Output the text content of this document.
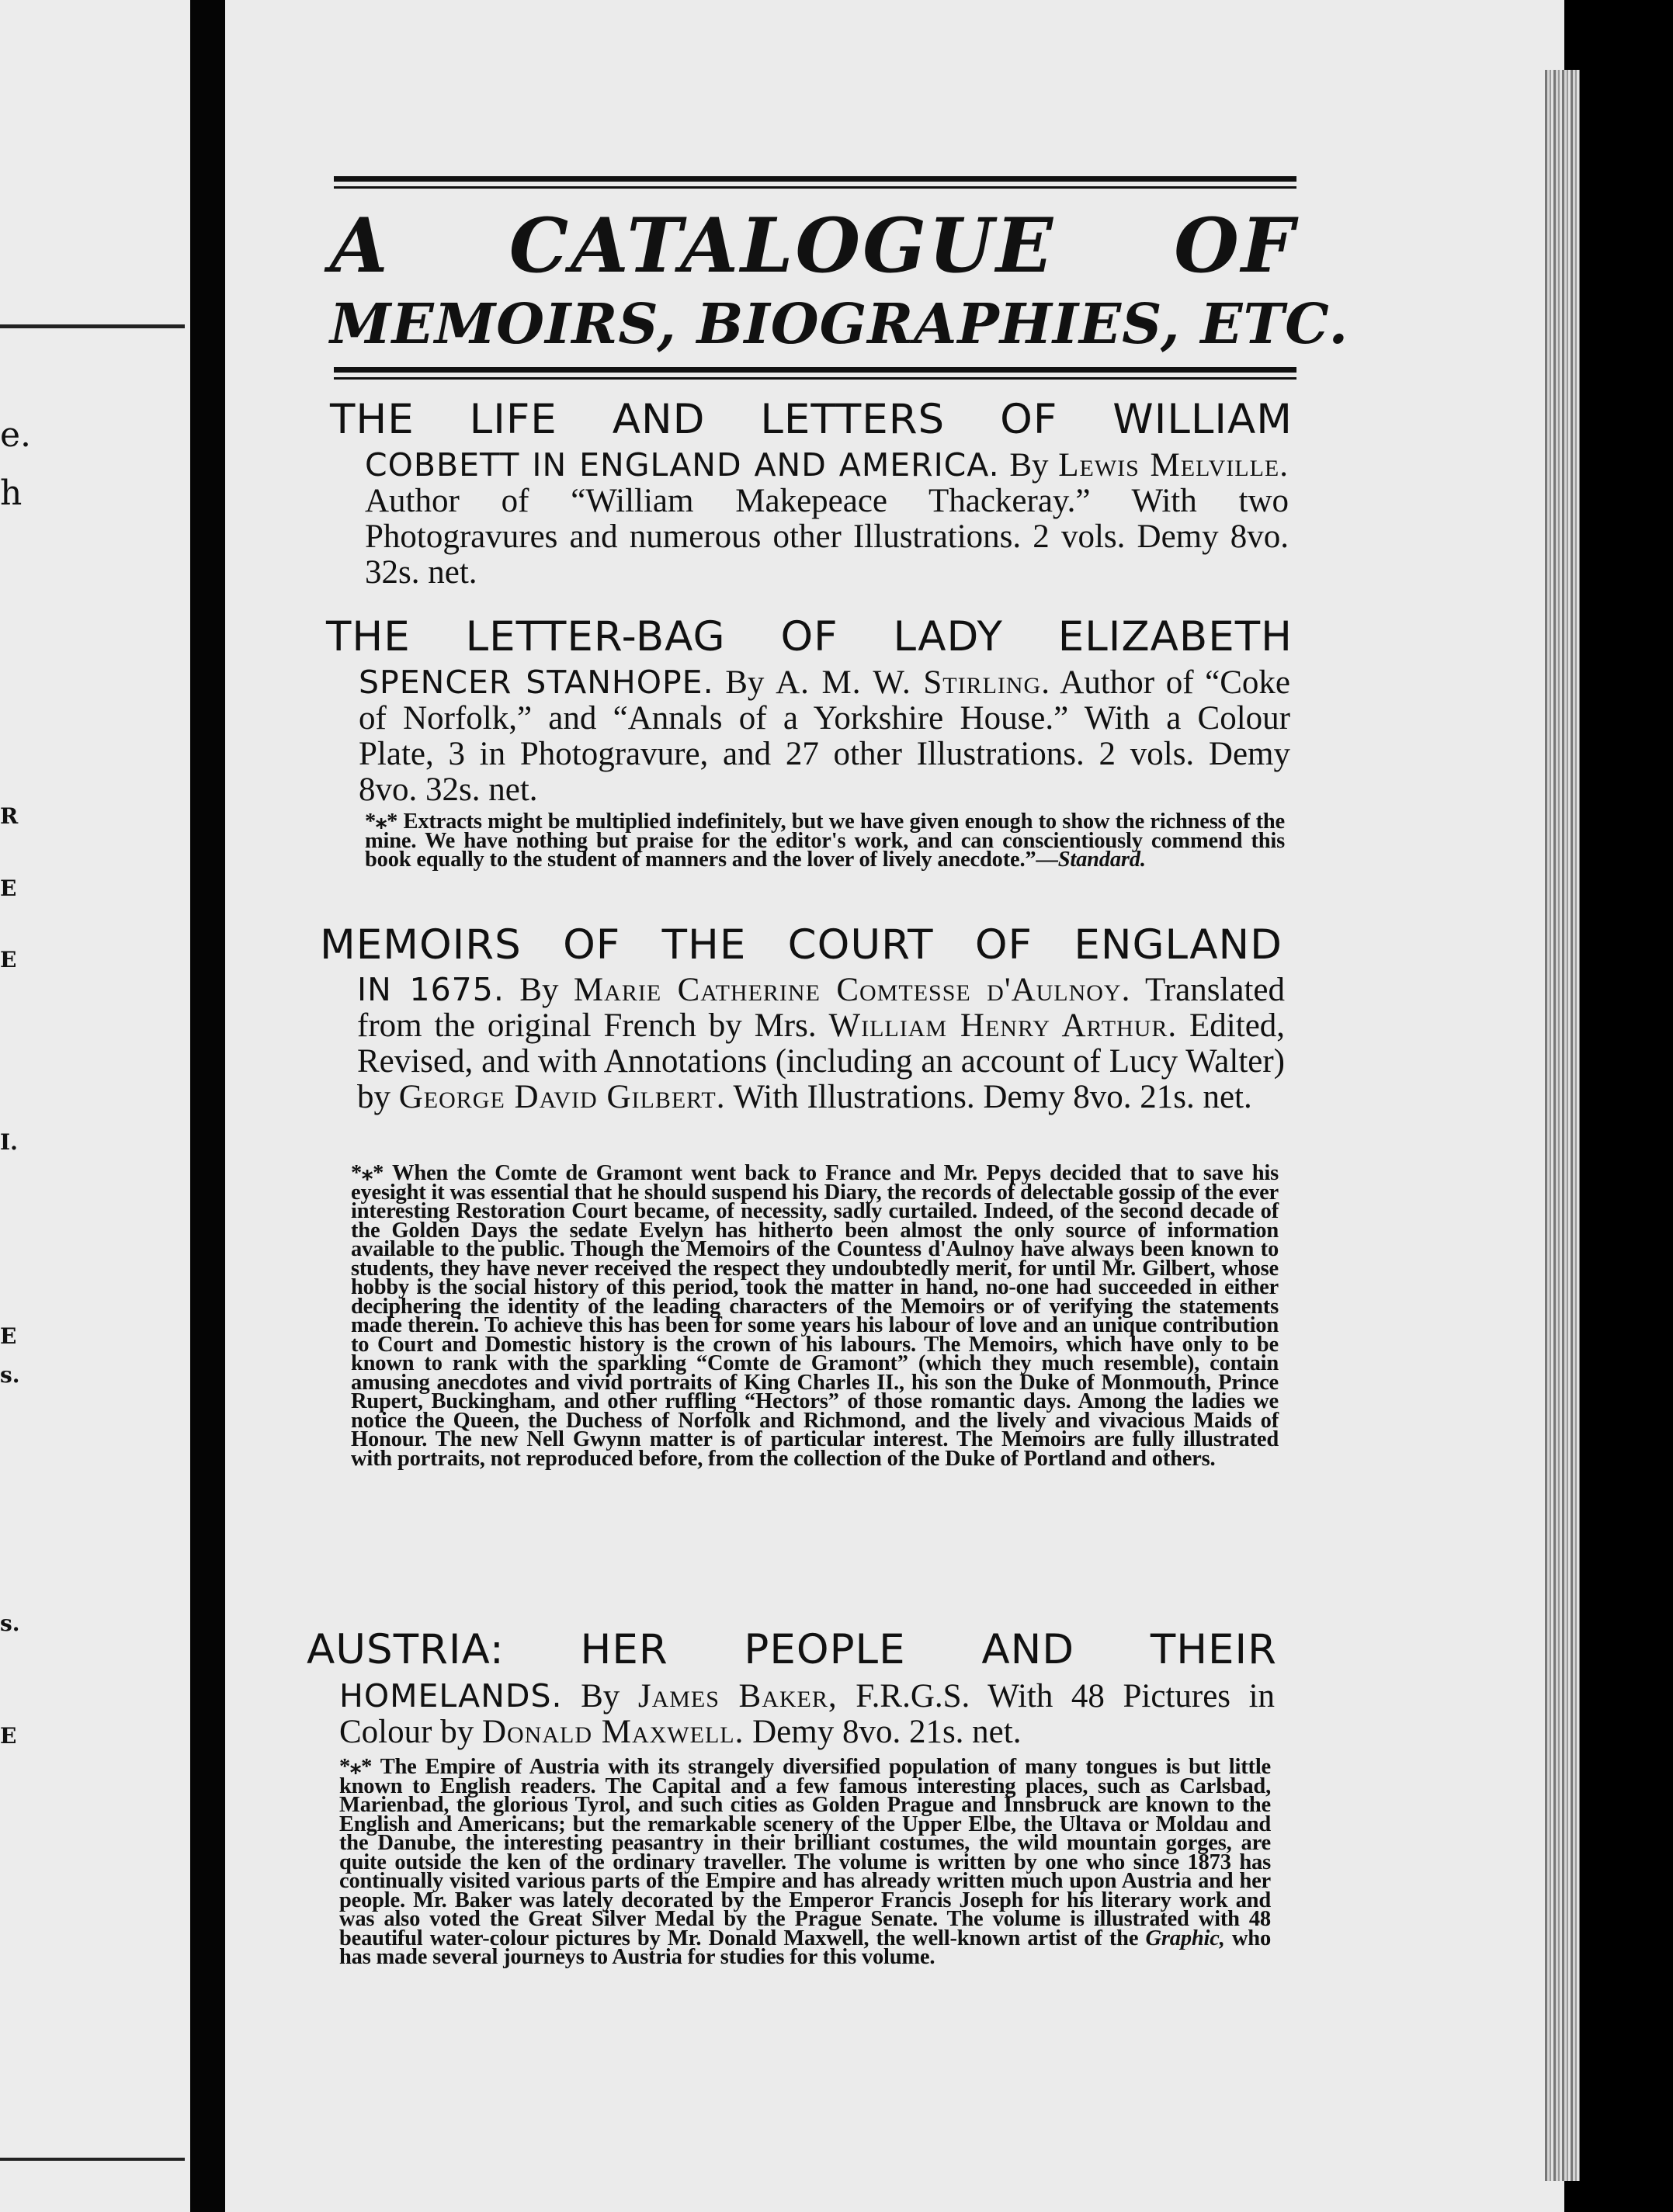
e.
h
R
E
E
I.
E
s.
s.
E
A CATALOGUE OF
MEMOIRS, BIOGRAPHIES, ETC.
THE LIFE AND LETTERS OF WILLIAM
COBBETT IN ENGLAND AND AMERICA. By Lewis Melville. Author of “William Makepeace Thackeray.” With two Photogravures and numerous other Illustrations. 2 vols. Demy 8vo. 32s. net.
THE LETTER-BAG OF LADY ELIZABETH
SPENCER STANHOPE. By A. M. W. Stirling. Author of “Coke of Norfolk,” and “Annals of a Yorkshire House.” With a Colour Plate, 3 in Photogravure, and 27 other Illustrations. 2 vols. Demy 8vo. 32s. net.
*⁎* Extracts might be multiplied indefinitely, but we have given enough to show the richness of the mine. We have nothing but praise for the editor's work, and can conscientiously commend this book equally to the student of manners and the lover of lively anecdote.”—Standard.
MEMOIRS OF THE COURT OF ENGLAND
IN 1675. By Marie Catherine Comtesse d'Aulnoy. Translated from the original French by Mrs. William Henry Arthur. Edited, Revised, and with Annotations (including an account of Lucy Walter) by George David Gilbert. With Illustrations. Demy 8vo. 21s. net.
*⁎* When the Comte de Gramont went back to France and Mr. Pepys decided that to save his eyesight it was essential that he should suspend his Diary, the records of delectable gossip of the ever interesting Restoration Court became, of necessity, sadly curtailed. Indeed, of the second decade of the Golden Days the sedate Evelyn has hitherto been almost the only source of information available to the public. Though the Memoirs of the Countess d'Aulnoy have always been known to students, they have never received the respect they undoubtedly merit, for until Mr. Gilbert, whose hobby is the social history of this period, took the matter in hand, no-one had succeeded in either deciphering the identity of the leading characters of the Memoirs or of verifying the statements made therein. To achieve this has been for some years his labour of love and an unique contribution to Court and Domestic history is the crown of his labours. The Memoirs, which have only to be known to rank with the sparkling “Comte de Gramont” (which they much resemble), contain amusing anecdotes and vivid portraits of King Charles II., his son the Duke of Monmouth, Prince Rupert, Buckingham, and other ruffling “Hectors” of those romantic days. Among the ladies we notice the Queen, the Duchess of Norfolk and Richmond, and the lively and vivacious Maids of Honour. The new Nell Gwynn matter is of particular interest. The Memoirs are fully illustrated with portraits, not reproduced before, from the collection of the Duke of Portland and others.
AUSTRIA: HER PEOPLE AND THEIR
HOMELANDS. By James Baker, F.R.G.S. With 48 Pictures in Colour by Donald Maxwell. Demy 8vo. 21s. net.
*⁎* The Empire of Austria with its strangely diversified population of many tongues is but little known to English readers. The Capital and a few famous interesting places, such as Carlsbad, Marienbad, the glorious Tyrol, and such cities as Golden Prague and Innsbruck are known to the English and Americans; but the remarkable scenery of the Upper Elbe, the Ultava or Moldau and the Danube, the interesting peasantry in their brilliant costumes, the wild mountain gorges, are quite outside the ken of the ordinary traveller. The volume is written by one who since 1873 has continually visited various parts of the Empire and has already written much upon Austria and her people. Mr. Baker was lately decorated by the Emperor Francis Joseph for his literary work and was also voted the Great Silver Medal by the Prague Senate. The volume is illustrated with 48 beautiful water-colour pictures by Mr. Donald Maxwell, the well-known artist of the Graphic, who has made several journeys to Austria for studies for this volume.
